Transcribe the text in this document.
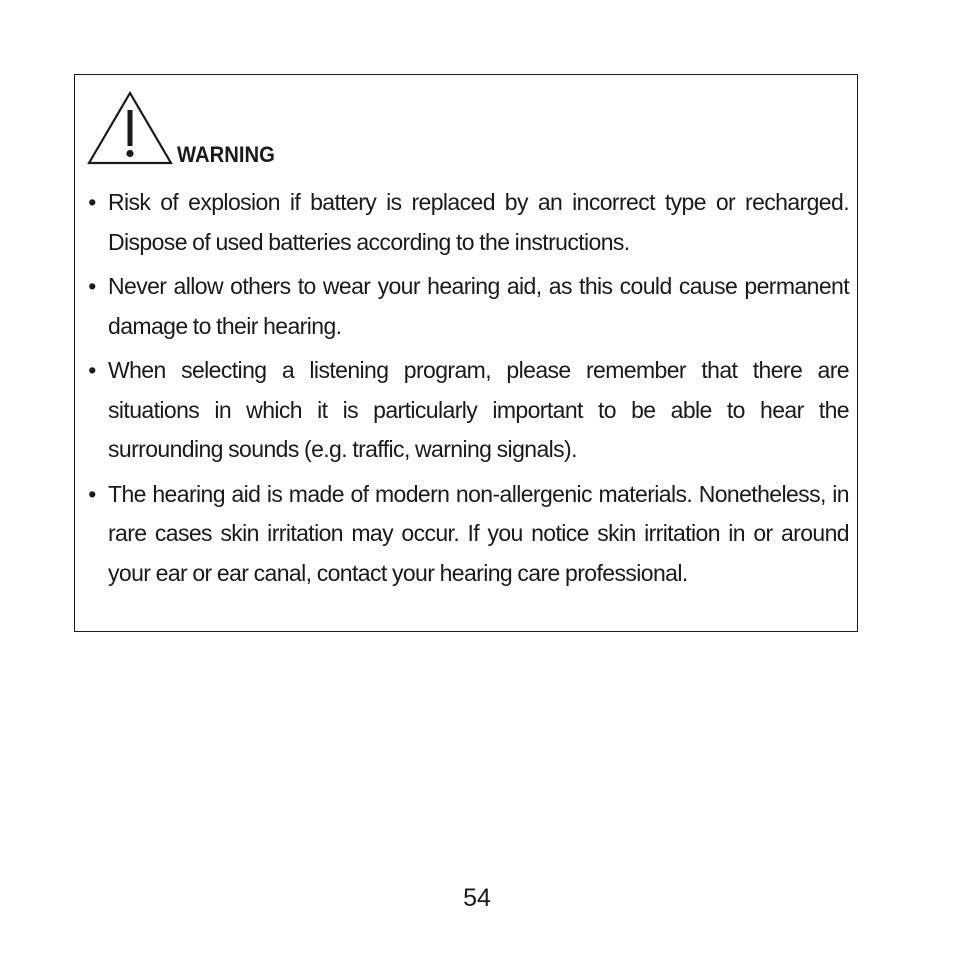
WARNING
• Risk of explosion if battery is replaced by an incorrect type or recharged. Dispose of used batteries according to the instructions.
• Never allow others to wear your hearing aid, as this could cause permanent damage to their hearing.
• When selecting a listening program, please remember that there are situations in which it is particularly important to be able to hear the surrounding sounds (e.g. traffic, warning signals).
• The hearing aid is made of modern non-allergenic materials. Nonetheless, in rare cases skin irritation may occur. If you notice skin irritation in or around your ear or ear canal, contact your hearing care professional.
54
